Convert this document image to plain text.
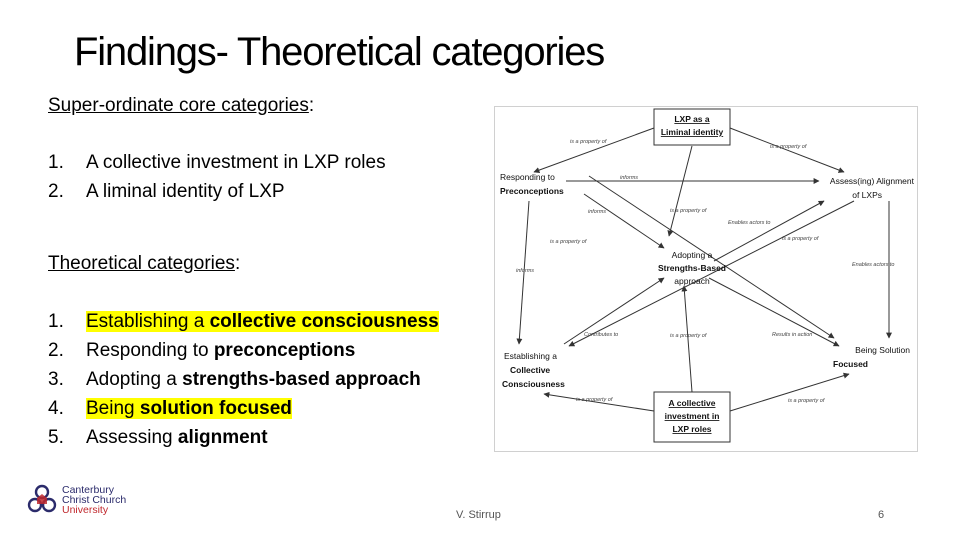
Findings- Theoretical categories
Super-ordinate core categories:
1. A collective investment in LXP roles
2. A liminal identity of LXP
Theoretical categories:
1. Establishing a collective consciousness
2. Responding to preconceptions
3. Adopting a strengths-based approach
4. Being solution focused
5. Assessing alignment
LXP as a
Liminal identity
Responding to
Preconceptions
Assess(ing) Alignment
of LXPs
Adopting a
Strengths-Based
approach
Establishing a
Collective
Consciousness
Being Solution
Focused
A collective
investment in
LXP roles
is a property of
is a property of
informs
informs	is a property of
Enables actors to
is a property of	is a property of
informs
Enables actors to
Contributes to	is a property of	Results in action
is a property of	is a property of
Canterbury
Christ Church
University	V. Stirrup	6
